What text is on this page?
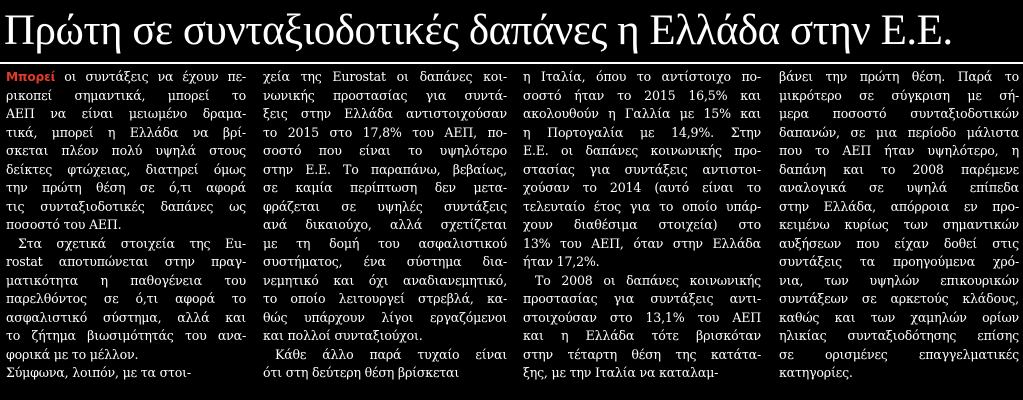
Πρώτη σε συνταξιοδοτικές δαπάνες η Ελλάδα στην Ε.Ε.
Μπορεί οι συντάξεις να έχουν πε-
ρικοπεί σημαντικά, μπορεί το
ΑΕΠ να είναι μειωμένο δραμα-
τικά, μπορεί η Ελλάδα να βρί-
σκεται πλέον πολύ υψηλά στους
δείκτες φτώχειας, διατηρεί όμως
την πρώτη θέση σε ό,τι αφορά
τις συνταξιοδοτικές δαπάνες ως
ποσοστό του ΑΕΠ.
Στα σχετικά στοιχεία της Eu-
rostat αποτυπώνεται στην πραγ-
ματικότητα η παθογένεια του
παρελθόντος σε ό,τι αφορά το
ασφαλιστικό σύστημα, αλλά και
το ζήτημα βιωσιμότητάς του ανα-
φορικά με το μέλλον.
Σύμφωνα, λοιπόν, με τα στοι-
χεία της Eurostat οι δαπάνες κοι-
νωνικής προστασίας για συντά-
ξεις στην Ελλάδα αντιστοιχούσαν
το 2015 στο 17,8% του ΑΕΠ, πο-
σοστό που είναι το υψηλότερο
στην Ε.Ε. Το παραπάνω, βεβαίως,
σε καμία περίπτωση δεν μετα-
φράζεται σε υψηλές συντάξεις
ανά δικαιούχο, αλλά σχετίζεται
με τη δομή του ασφαλιστικού
συστήματος, ένα σύστημα δια-
νεμητικό και όχι αναδιανεμητικό,
το οποίο λειτουργεί στρεβλά, κα-
θώς υπάρχουν λίγοι εργαζόμενοι
και πολλοί συνταξιούχοι.
Κάθε άλλο παρά τυχαίο είναι
ότι στη δεύτερη θέση βρίσκεται
η Ιταλία, όπου το αντίστοιχο πο-
σοστό ήταν το 2015 16,5% και
ακολουθούν η Γαλλία με 15% και
η Πορτογαλία με 14,9%. Στην
Ε.Ε. οι δαπάνες κοινωνικής προ-
στασίας για συντάξεις αντιστοι-
χούσαν το 2014 (αυτό είναι το
τελευταίο έτος για το οποίο υπάρ-
χουν διαθέσιμα στοιχεία) στο
13% του ΑΕΠ, όταν στην Ελλάδα
ήταν 17,2%.
Το 2008 οι δαπάνες κοινωνικής
προστασίας για συντάξεις αντι-
στοιχούσαν στο 13,1% του ΑΕΠ
και η Ελλάδα τότε βρισκόταν
στην τέταρτη θέση της κατάτα-
ξης, με την Ιταλία να καταλαμ-
βάνει την πρώτη θέση. Παρά το
μικρότερο σε σύγκριση με σή-
μερα ποσοστό συνταξιοδοτικών
δαπανών, σε μια περίοδο μάλιστα
που το ΑΕΠ ήταν υψηλότερο, η
δαπάνη και το 2008 παρέμενε
αναλογικά σε υψηλά επίπεδα
στην Ελλάδα, απόρροια εν προ-
κειμένω κυρίως των σημαντικών
αυξήσεων που είχαν δοθεί στις
συντάξεις τα προηγούμενα χρό-
νια, των υψηλών επικουρικών
συντάξεων σε αρκετούς κλάδους,
καθώς και των χαμηλών ορίων
ηλικίας συνταξιοδότησης επίσης
σε ορισμένες επαγγελματικές
κατηγορίες.
